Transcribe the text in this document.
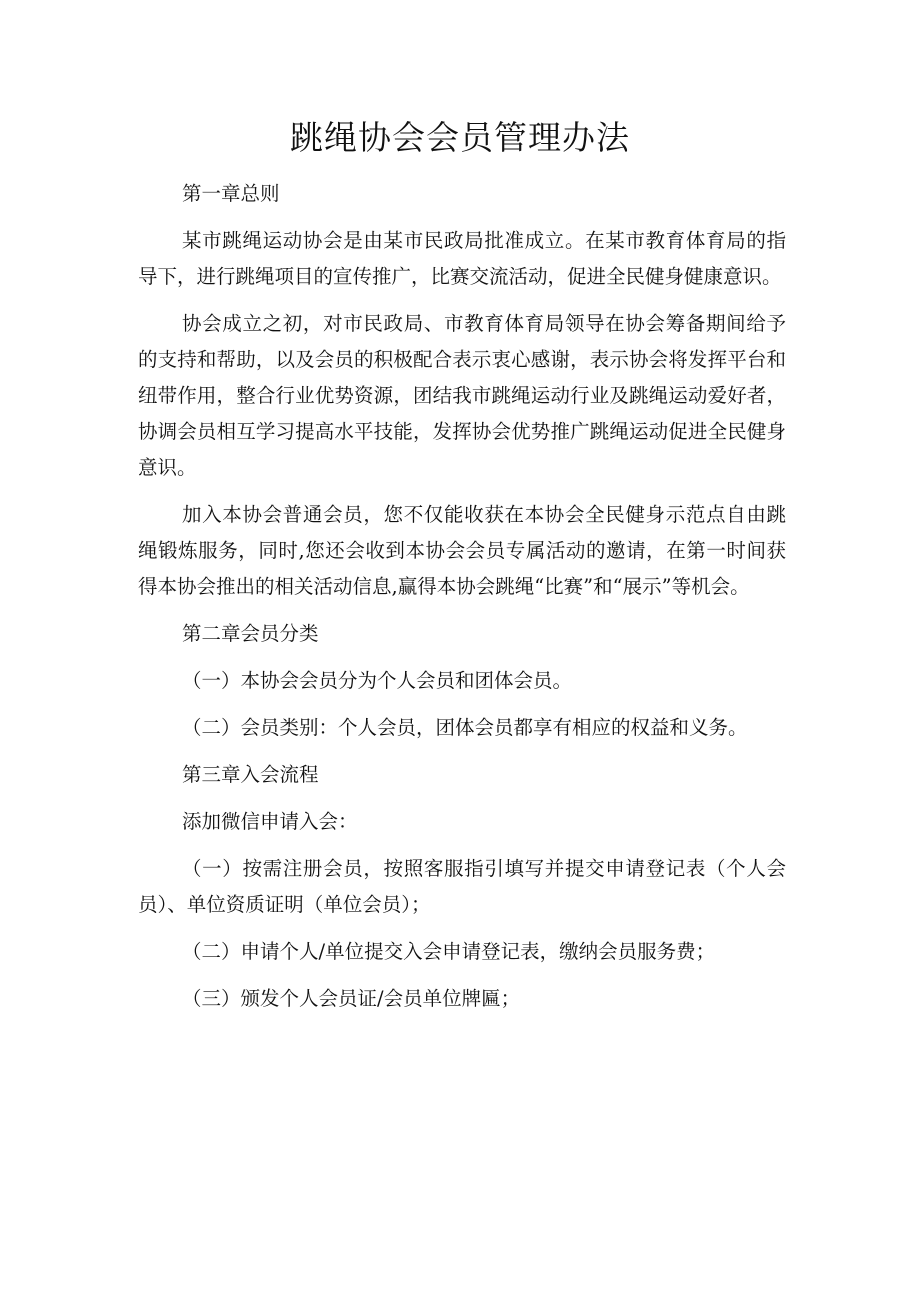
跳绳协会会员管理办法

第一章总则

某市跳绳运动协会是由某市民政局批准成立。在某市教育体育局的指导下，进行跳绳项目的宣传推广，比赛交流活动，促进全民健身健康意识。

协会成立之初，对市民政局、市教育体育局领导在协会筹备期间给予的支持和帮助，以及会员的积极配合表示衷心感谢，表示协会将发挥平台和纽带作用，整合行业优势资源，团结我市跳绳运动行业及跳绳运动爱好者，协调会员相互学习提高水平技能，发挥协会优势推广跳绳运动促进全民健身意识。

加入本协会普通会员，您不仅能收获在本协会全民健身示范点自由跳绳锻炼服务，同时,您还会收到本协会会员专属活动的邀请，在第一时间获得本协会推出的相关活动信息,赢得本协会跳绳“比赛”和“展示”等机会。

第二章会员分类

（一）本协会会员分为个人会员和团体会员。

（二）会员类别：个人会员，团体会员都享有相应的权益和义务。

第三章入会流程

添加微信申请入会：

（一）按需注册会员，按照客服指引填写并提交申请登记表（个人会员）、单位资质证明（单位会员）；

（二）申请个人/单位提交入会申请登记表，缴纳会员服务费；

（三）颁发个人会员证/会员单位牌匾；
